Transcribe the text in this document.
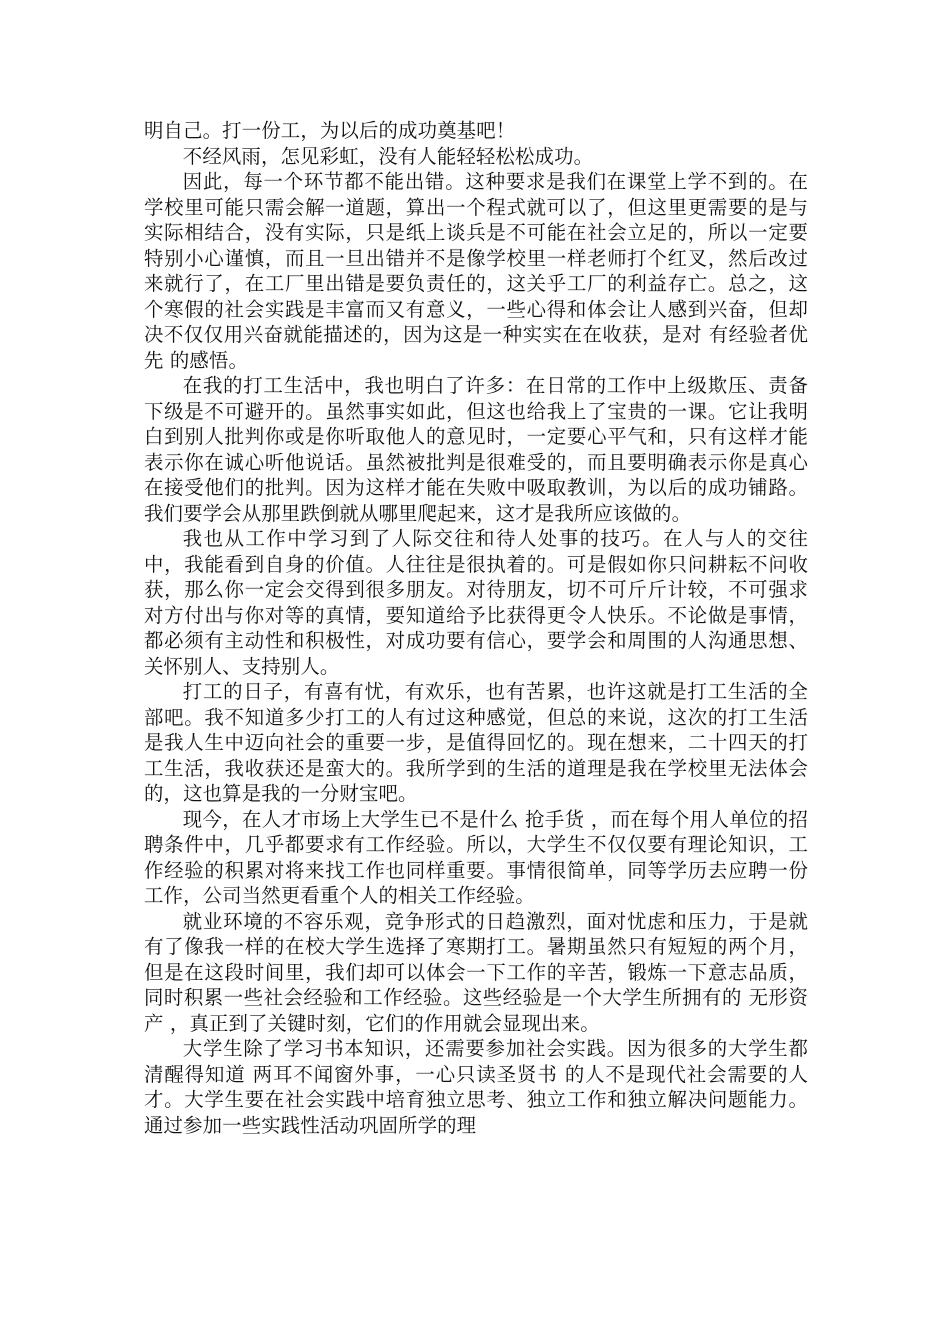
明自己。打一份工，为以后的成功奠基吧！

不经风雨，怎见彩虹，没有人能轻轻松松成功。

因此，每一个环节都不能出错。这种要求是我们在课堂上学不到的。在学校里可能只需会解一道题，算出一个程式就可以了，但这里更需要的是与实际相结合，没有实际，只是纸上谈兵是不可能在社会立足的，所以一定要特别小心谨慎，而且一旦出错并不是像学校里一样老师打个红叉，然后改过来就行了，在工厂里出错是要负责任的，这关乎工厂的利益存亡。总之，这个寒假的社会实践是丰富而又有意义，一些心得和体会让人感到兴奋，但却决不仅仅用兴奋就能描述的，因为这是一种实实在在收获，是对 有经验者优先 的感悟。

在我的打工生活中，我也明白了许多：在日常的工作中上级欺压、责备下级是不可避开的。虽然事实如此，但这也给我上了宝贵的一课。它让我明白到别人批判你或是你听取他人的意见时，一定要心平气和，只有这样才能表示你在诚心听他说话。虽然被批判是很难受的，而且要明确表示你是真心在接受他们的批判。因为这样才能在失败中吸取教训，为以后的成功铺路。我们要学会从那里跌倒就从哪里爬起来，这才是我所应该做的。

我也从工作中学习到了人际交往和待人处事的技巧。在人与人的交往中，我能看到自身的价值。人往往是很执着的。可是假如你只问耕耘不问收获，那么你一定会交得到很多朋友。对待朋友，切不可斤斤计较，不可强求对方付出与你对等的真情，要知道给予比获得更令人快乐。不论做是事情，都必须有主动性和积极性，对成功要有信心，要学会和周围的人沟通思想、关怀别人、支持别人。

打工的日子，有喜有忧，有欢乐，也有苦累，也许这就是打工生活的全部吧。我不知道多少打工的人有过这种感觉，但总的来说，这次的打工生活是我人生中迈向社会的重要一步，是值得回忆的。现在想来，二十四天的打工生活，我收获还是蛮大的。我所学到的生活的道理是我在学校里无法体会的，这也算是我的一分财宝吧。

现今，在人才市场上大学生已不是什么 抢手货 ，而在每个用人单位的招聘条件中，几乎都要求有工作经验。所以，大学生不仅仅要有理论知识，工作经验的积累对将来找工作也同样重要。事情很简单，同等学历去应聘一份工作，公司当然更看重个人的相关工作经验。

就业环境的不容乐观，竞争形式的日趋激烈，面对忧虑和压力，于是就有了像我一样的在校大学生选择了寒期打工。暑期虽然只有短短的两个月，但是在这段时间里，我们却可以体会一下工作的辛苦，锻炼一下意志品质，同时积累一些社会经验和工作经验。这些经验是一个大学生所拥有的 无形资产 ，真正到了关键时刻，它们的作用就会显现出来。

大学生除了学习书本知识，还需要参加社会实践。因为很多的大学生都清醒得知道 两耳不闻窗外事，一心只读圣贤书 的人不是现代社会需要的人才。大学生要在社会实践中培育独立思考、独立工作和独立解决问题能力。通过参加一些实践性活动巩固所学的理
